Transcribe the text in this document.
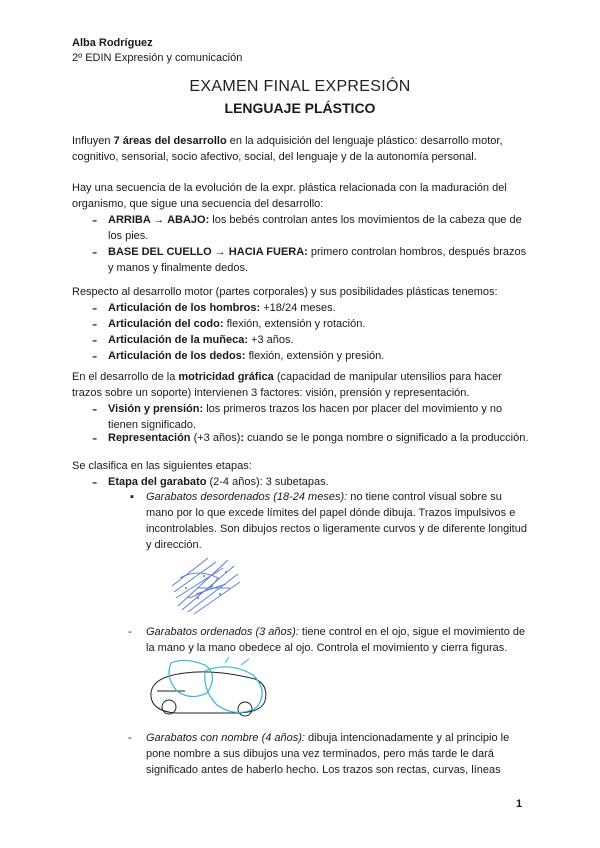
Alba Rodríguez
2º EDIN Expresión y comunicación
EXAMEN FINAL EXPRESIÓN
LENGUAJE PLÁSTICO
Influyen 7 áreas del desarrollo en la adquisición del lenguaje plástico: desarrollo motor, cognitivo, sensorial, socio afectivo, social, del lenguaje y de la autonomía personal.
Hay una secuencia de la evolución de la expr. plástica relacionada con la maduración del organismo, que sigue una secuencia del desarrollo:
- ARRIBA → ABAJO: los bebés controlan antes los movimientos de la cabeza que de los pies.
- BASE DEL CUELLO → HACIA FUERA: primero controlan hombros, después brazos y manos y finalmente dedos.
Respecto al desarrollo motor (partes corporales) y sus posibilidades plásticas tenemos:
- Articulación de los hombros: +18/24 meses.
- Articulación del codo: flexión, extensión y rotación.
- Articulación de la muñeca: +3 años.
- Articulación de los dedos: flexión, extensión y presión.
En el desarrollo de la motricidad gráfica (capacidad de manipular utensilios para hacer trazos sobre un soporte) intervienen 3 factores: visión, prensión y representación.
- Visión y prensión: los primeros trazos los hacen por placer del movimiento y no tienen significado.
- Representación (+3 años): cuando se le ponga nombre o significado a la producción.
Se clasifica en las siguientes etapas:
- Etapa del garabato (2-4 años): 3 subetapas.
▪ Garabatos desordenados (18-24 meses): no tiene control visual sobre su mano por lo que excede límites del papel dónde dibuja. Trazos impulsivos e incontrolables. Son dibujos rectos o ligeramente curvos y de diferente longitud y dirección.
- Garabatos ordenados (3 años): tiene control en el ojo, sigue el movimiento de la mano y la mano obedece al ojo. Controla el movimiento y cierra figuras.
- Garabatos con nombre (4 años): dibuja intencionadamente y al principio le pone nombre a sus dibujos una vez terminados, pero más tarde le dará significado antes de haberlo hecho. Los trazos son rectas, curvas, líneas
1
